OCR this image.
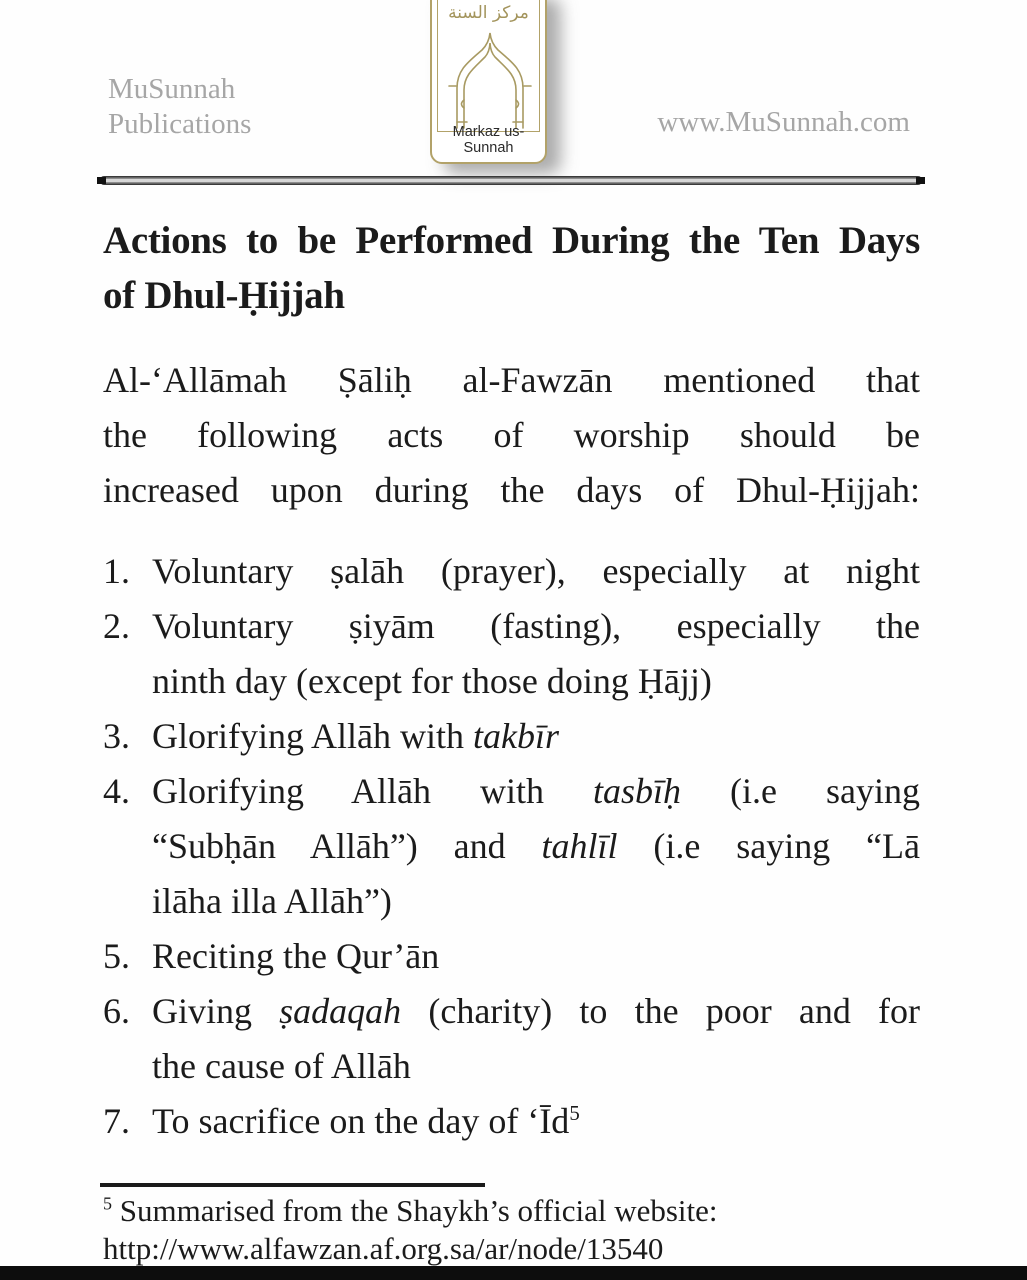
MuSunnah
Publications
مركز السنة
Markaz us-Sunnah
www.MuSunnah.com
Actions to be Performed During the Ten Days
of Dhul-Ḥijjah
Al-‘Allāmah Ṣāliḥ al-Fawzān mentioned that
the following acts of worship should be
increased upon during the days of Dhul-Ḥijjah:
1. Voluntary ṣalāh (prayer), especially at night
2. Voluntary ṣiyām (fasting), especially the
ninth day (except for those doing Ḥājj)
3. Glorifying Allāh with takbīr
4. Glorifying Allāh with tasbīḥ (i.e saying
“Subḥān Allāh”) and tahlīl (i.e saying “Lā
ilāha illa Allāh”)
5. Reciting the Qur’ān
6. Giving ṣadaqah (charity) to the poor and for
the cause of Allāh
7. To sacrifice on the day of ‘$Īd^5$
$^5$ Summarised from the Shaykh’s official website:
http://www.alfawzan.af.org.sa/ar/node/13540
